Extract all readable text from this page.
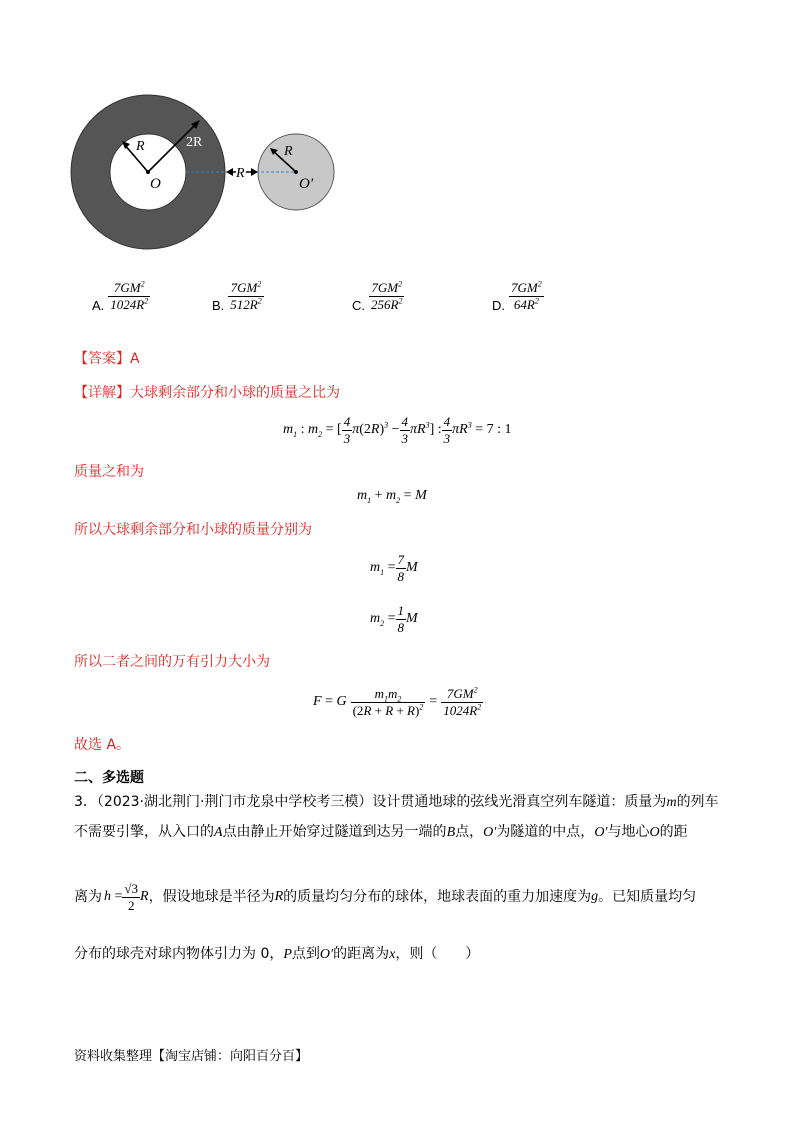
R	2R
O
R
R
O′
A. $\frac{7GM^2}{1024R^2}$	B. $\frac{7GM^2}{512R^2}$	C. $\frac{7GM^2}{256R^2}$	D. $\frac{7GM^2}{64R^2}$
【答案】A
【详解】大球剩余部分和小球的质量之比为
$m_1$ : $m_2$ = [ $\frac{4}{3} \pi(2R)^3 - \frac{4}{3} \pi R^3$] : $\frac{4}{3} \pi R^3 = 7$ : 1
质量之和为
$m_1 + m_2 = M$
所以大球剩余部分和小球的质量分别为
$m_1 = \frac{7}{8}$ M
$m_2 = \frac{1}{8}$ M
所以二者之间的万有引力大小为
F = G $\frac{m_1m_2}{(2R + R + R)^2} = \frac{7GM^2}{1024R^2}$
故选 A。
二、多选题
3．（2023·湖北荆门·荆门市龙泉中学校考三模）设计贯通地球的弦线光滑真空列车隧道：质量为m的列车
不需要引擎，从入口的A点由静止开始穿过隧道到达另一端的B点，O′为隧道的中点，O′与地心O的距
离为 $h = \frac{√3}{2}$ R ，假设地球是半径为 R 的质量均匀分布的球体，地球表面的重力加速度为 g 。已知质量均匀
分布的球壳对球内物体引力为 0，P点到O′的距离为x，则（　　）
资料收集整理【淘宝店铺：向阳百分百】
